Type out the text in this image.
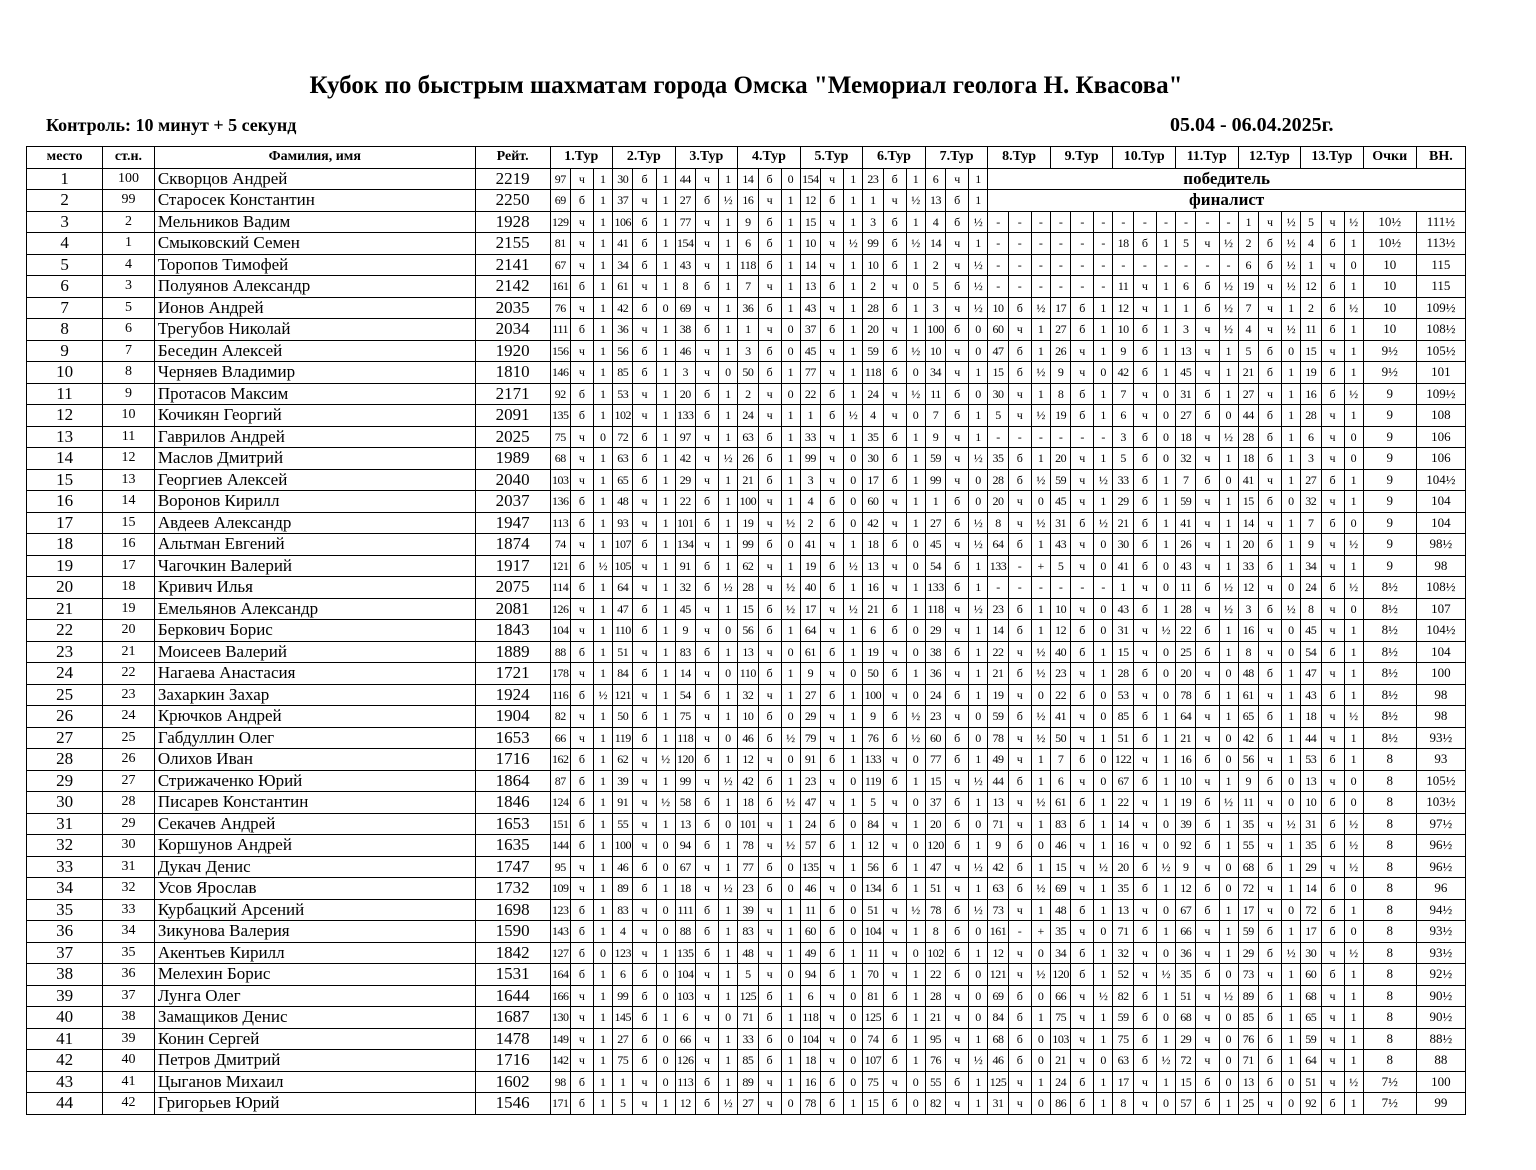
Кубок по быстрым шахматам города Омска "Мемориал геолога Н. Квасова"
Контроль: 10 минут + 5 секунд	05.04 - 06.04.2025г.
место	ст.н.	Фамилия, имя	Рейт.	1.Тур			2.Тур			3.Тур			4.Тур			5.Тур			6.Тур			7.Тур			8.Тур			9.Тур			10.Тур			11.Тур			12.Тур			13.Тур			Очки	ВН.
1	100	Скворцов Андрей	2219	97	ч	1	30	б	1	44	ч	1	14	б	0	154	ч	1	23	б	1	6	ч	1	победитель																			
2	99	Старосек Константин	2250	69	б	1	37	ч	1	27	б	½	16	ч	1	12	б	1	1	ч	½	13	б	1	финалист																			
3	2	Мельников Вадим	1928	129	ч	1	106	б	1	77	ч	1	9	б	1	15	ч	1	3	б	1	4	б	½	-	-	-	-	-	-	-	-	-	-	-	-	1	ч	½	5	ч	½	10½	111½
4	1	Смыковский Семен	2155	81	ч	1	41	б	1	154	ч	1	6	б	1	10	ч	½	99	б	½	14	ч	1	-	-	-	-	-	-	18	б	1	5	ч	½	2	б	½	4	б	1	10½	113½
5	4	Торопов Тимофей	2141	67	ч	1	34	б	1	43	ч	1	118	б	1	14	ч	1	10	б	1	2	ч	½	-	-	-	-	-	-	-	-	-	-	-	-	6	б	½	1	ч	0	10	115
6	3	Полуянов Александр	2142	161	б	1	61	ч	1	8	б	1	7	ч	1	13	б	1	2	ч	0	5	б	½	-	-	-	-	-	-	11	ч	1	6	б	½	19	ч	½	12	б	1	10	115
7	5	Ионов Андрей	2035	76	ч	1	42	б	0	69	ч	1	36	б	1	43	ч	1	28	б	1	3	ч	½	10	б	½	17	б	1	12	ч	1	1	б	½	7	ч	1	2	б	½	10	109½
8	6	Трегубов Николай	2034	111	б	1	36	ч	1	38	б	1	1	ч	0	37	б	1	20	ч	1	100	б	0	60	ч	1	27	б	1	10	б	1	3	ч	½	4	ч	½	11	б	1	10	108½
9	7	Беседин Алексей	1920	156	ч	1	56	б	1	46	ч	1	3	б	0	45	ч	1	59	б	½	10	ч	0	47	б	1	26	ч	1	9	б	1	13	ч	1	5	б	0	15	ч	1	9½	105½
10	8	Черняев Владимир	1810	146	ч	1	85	б	1	3	ч	0	50	б	1	77	ч	1	118	б	0	34	ч	1	15	б	½	9	ч	0	42	б	1	45	ч	1	21	б	1	19	б	1	9½	101
11	9	Протасов Максим	2171	92	б	1	53	ч	1	20	б	1	2	ч	0	22	б	1	24	ч	½	11	б	0	30	ч	1	8	б	1	7	ч	0	31	б	1	27	ч	1	16	б	½	9	109½
12	10	Кочикян Георгий	2091	135	б	1	102	ч	1	133	б	1	24	ч	1	1	б	½	4	ч	0	7	б	1	5	ч	½	19	б	1	6	ч	0	27	б	0	44	б	1	28	ч	1	9	108
13	11	Гаврилов Андрей	2025	75	ч	0	72	б	1	97	ч	1	63	б	1	33	ч	1	35	б	1	9	ч	1	-	-	-	-	-	-	3	б	0	18	ч	½	28	б	1	6	ч	0	9	106
14	12	Маслов Дмитрий	1989	68	ч	1	63	б	1	42	ч	½	26	б	1	99	ч	0	30	б	1	59	ч	½	35	б	1	20	ч	1	5	б	0	32	ч	1	18	б	1	3	ч	0	9	106
15	13	Георгиев Алексей	2040	103	ч	1	65	б	1	29	ч	1	21	б	1	3	ч	0	17	б	1	99	ч	0	28	б	½	59	ч	½	33	б	1	7	б	0	41	ч	1	27	б	1	9	104½
16	14	Воронов Кирилл	2037	136	б	1	48	ч	1	22	б	1	100	ч	1	4	б	0	60	ч	1	1	б	0	20	ч	0	45	ч	1	29	б	1	59	ч	1	15	б	0	32	ч	1	9	104
17	15	Авдеев Александр	1947	113	б	1	93	ч	1	101	б	1	19	ч	½	2	б	0	42	ч	1	27	б	½	8	ч	½	31	б	½	21	б	1	41	ч	1	14	ч	1	7	б	0	9	104
18	16	Альтман Евгений	1874	74	ч	1	107	б	1	134	ч	1	99	б	0	41	ч	1	18	б	0	45	ч	½	64	б	1	43	ч	0	30	б	1	26	ч	1	20	б	1	9	ч	½	9	98½
19	17	Чагочкин Валерий	1917	121	б	½	105	ч	1	91	б	1	62	ч	1	19	б	½	13	ч	0	54	б	1	133	-	+	5	ч	0	41	б	0	43	ч	1	33	б	1	34	ч	1	9	98
20	18	Кривич Илья	2075	114	б	1	64	ч	1	32	б	½	28	ч	½	40	б	1	16	ч	1	133	б	1	-	-	-	-	-	-	1	ч	0	11	б	½	12	ч	0	24	б	½	8½	108½
21	19	Емельянов Александр	2081	126	ч	1	47	б	1	45	ч	1	15	б	½	17	ч	½	21	б	1	118	ч	½	23	б	1	10	ч	0	43	б	1	28	ч	½	3	б	½	8	ч	0	8½	107
22	20	Беркович Борис	1843	104	ч	1	110	б	1	9	ч	0	56	б	1	64	ч	1	6	б	0	29	ч	1	14	б	1	12	б	0	31	ч	½	22	б	1	16	ч	0	45	ч	1	8½	104½
23	21	Моисеев Валерий	1889	88	б	1	51	ч	1	83	б	1	13	ч	0	61	б	1	19	ч	0	38	б	1	22	ч	½	40	б	1	15	ч	0	25	б	1	8	ч	0	54	б	1	8½	104
24	22	Нагаева Анастасия	1721	178	ч	1	84	б	1	14	ч	0	110	б	1	9	ч	0	50	б	1	36	ч	1	21	б	½	23	ч	1	28	б	0	20	ч	0	48	б	1	47	ч	1	8½	100
25	23	Захаркин Захар	1924	116	б	½	121	ч	1	54	б	1	32	ч	1	27	б	1	100	ч	0	24	б	1	19	ч	0	22	б	0	53	ч	0	78	б	1	61	ч	1	43	б	1	8½	98
26	24	Крючков Андрей	1904	82	ч	1	50	б	1	75	ч	1	10	б	0	29	ч	1	9	б	½	23	ч	0	59	б	½	41	ч	0	85	б	1	64	ч	1	65	б	1	18	ч	½	8½	98
27	25	Габдуллин Олег	1653	66	ч	1	119	б	1	118	ч	0	46	б	½	79	ч	1	76	б	½	60	б	0	78	ч	½	50	ч	1	51	б	1	21	ч	0	42	б	1	44	ч	1	8½	93½
28	26	Олихов Иван	1716	162	б	1	62	ч	½	120	б	1	12	ч	0	91	б	1	133	ч	0	77	б	1	49	ч	1	7	б	0	122	ч	1	16	б	0	56	ч	1	53	б	1	8	93
29	27	Стрижаченко Юрий	1864	87	б	1	39	ч	1	99	ч	½	42	б	1	23	ч	0	119	б	1	15	ч	½	44	б	1	6	ч	0	67	б	1	10	ч	1	9	б	0	13	ч	0	8	105½
30	28	Писарев Константин	1846	124	б	1	91	ч	½	58	б	1	18	б	½	47	ч	1	5	ч	0	37	б	1	13	ч	½	61	б	1	22	ч	1	19	б	½	11	ч	0	10	б	0	8	103½
31	29	Секачев Андрей	1653	151	б	1	55	ч	1	13	б	0	101	ч	1	24	б	0	84	ч	1	20	б	0	71	ч	1	83	б	1	14	ч	0	39	б	1	35	ч	½	31	б	½	8	97½
32	30	Коршунов Андрей	1635	144	б	1	100	ч	0	94	б	1	78	ч	½	57	б	1	12	ч	0	120	б	1	9	б	0	46	ч	1	16	ч	0	92	б	1	55	ч	1	35	б	½	8	96½
33	31	Дукач Денис	1747	95	ч	1	46	б	0	67	ч	1	77	б	0	135	ч	1	56	б	1	47	ч	½	42	б	1	15	ч	½	20	б	½	9	ч	0	68	б	1	29	ч	½	8	96½
34	32	Усов Ярослав	1732	109	ч	1	89	б	1	18	ч	½	23	б	0	46	ч	0	134	б	1	51	ч	1	63	б	½	69	ч	1	35	б	1	12	б	0	72	ч	1	14	б	0	8	96
35	33	Курбацкий Арсений	1698	123	б	1	83	ч	0	111	б	1	39	ч	1	11	б	0	51	ч	½	78	б	½	73	ч	1	48	б	1	13	ч	0	67	б	1	17	ч	0	72	б	1	8	94½
36	34	Зикунова Валерия	1590	143	б	1	4	ч	0	88	б	1	83	ч	1	60	б	0	104	ч	1	8	б	0	161	-	+	35	ч	0	71	б	1	66	ч	1	59	б	1	17	б	0	8	93½
37	35	Акентьев Кирилл	1842	127	б	0	123	ч	1	135	б	1	48	ч	1	49	б	1	11	ч	0	102	б	1	12	ч	0	34	б	1	32	ч	0	36	ч	1	29	б	½	30	ч	½	8	93½
38	36	Мелехин Борис	1531	164	б	1	6	б	0	104	ч	1	5	ч	0	94	б	1	70	ч	1	22	б	0	121	ч	½	120	б	1	52	ч	½	35	б	0	73	ч	1	60	б	1	8	92½
39	37	Лунга Олег	1644	166	ч	1	99	б	0	103	ч	1	125	б	1	6	ч	0	81	б	1	28	ч	0	69	б	0	66	ч	½	82	б	1	51	ч	½	89	б	1	68	ч	1	8	90½
40	38	Замащиков Денис	1687	130	ч	1	145	б	1	6	ч	0	71	б	1	118	ч	0	125	б	1	21	ч	0	84	б	1	75	ч	1	59	б	0	68	ч	0	85	б	1	65	ч	1	8	90½
41	39	Конин Сергей	1478	149	ч	1	27	б	0	66	ч	1	33	б	0	104	ч	0	74	б	1	95	ч	1	68	б	0	103	ч	1	75	б	1	29	ч	0	76	б	1	59	ч	1	8	88½
42	40	Петров Дмитрий	1716	142	ч	1	75	б	0	126	ч	1	85	б	1	18	ч	0	107	б	1	76	ч	½	46	б	0	21	ч	0	63	б	½	72	ч	0	71	б	1	64	ч	1	8	88
43	41	Цыганов Михаил	1602	98	б	1	1	ч	0	113	б	1	89	ч	1	16	б	0	75	ч	0	55	б	1	125	ч	1	24	б	1	17	ч	1	15	б	0	13	б	0	51	ч	½	7½	100
44	42	Григорьев Юрий	1546	171	б	1	5	ч	1	12	б	½	27	ч	0	78	б	1	15	б	0	82	ч	1	31	ч	0	86	б	1	8	ч	0	57	б	1	25	ч	0	92	б	1	7½	99
